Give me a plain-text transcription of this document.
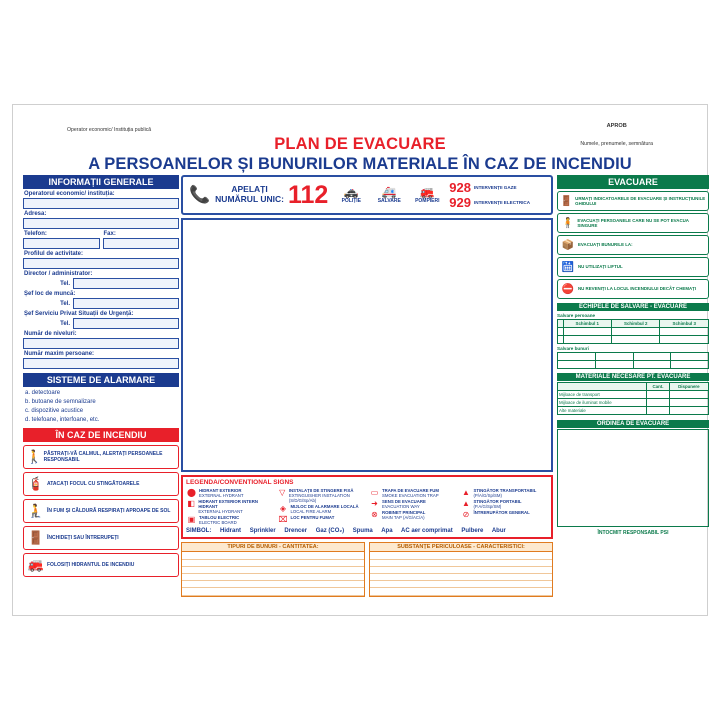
Operator economic/ Instituția publică
APROB
Numele, prenumele, semnătura
PLAN DE EVACUARE
A PERSOANELOR ȘI BUNURILOR MATERIALE ÎN CAZ DE INCENDIU
INFORMAȚII GENERALE
Operatorul economic/ instituția:
Adresa:
Telefon:	Fax:
Profilul de activitate:
Director / administrator:
Tel.
Șef loc de muncă:
Tel.
Șef Serviciu Privat Situații de Urgență:
Tel.
Număr de niveluri:
Număr maxim persoane:
SISTEME DE ALARMARE
a. detectoare
b. butoane de semnalizare
c. dispozitive acustice
d. telefoane, interfoane, etc.
ÎN CAZ DE INCENDIU
🚶 PĂSTRAȚI-VĂ CALMUL, ALERTAȚI PERSOANELE RESPONSABIL
🧯 ATACAȚI FOCUL CU STINGĂTOARELE
🧎 ÎN FUM ȘI CĂLDURĂ RESPIRAȚI APROAPE DE SOL
🚪 ÎNCHIDEȚI SAU ÎNTRERUPEȚI
🚒 FOLOSIȚI HIDRANTUL DE INCENDIU
📞	APELAȚI
NUMĂRUL UNIC: 112	🚓
POLIȚIE
🚑
SALVARE
🚒
POMPIERI
928 INTERVENȚII GAZE
929 INTERVENȚII ELECTRICA
LEGENDA/CONVENTIONAL SIGNS
⬤ HIDRANT EXTERIOR
EXTERNAL HYDRANT
◧ HIDRANT EXTERIOR INTERN HIDRANT
EXTERNAL HYDRANT
▣ TABLOU ELECTRIC
ELECTRIC BOARD
▽ INSTALAȚII DE STINGERE FIXĂ
EXTINGUISHER INSTALATION (S/D/G/Sp/Ab)
◈	MIJLOC DE ALARMARE LOCALĂ
LOCAL FIRE ALARM
⌧ LOC PENTRU FUMAT
▭ TRAPA DE EVACUARE FUM
SMOKE EVACUATION TRAP
➜ SENS DE EVACUARE
EVACUATION WAY
⊗ ROBINET PRINCIPAL
MAIN TAP (A/G/AC/A)
▲ STINGĂTOR TRANSPORTABIL
(P/A/G/Sp/SM)
▲ STINGĂTOR PORTABIL
(P.A/G/Sp/SM)
⊘ ÎNTRERUPĂTOR GENERAL
SIMBOL: Hidrant Sprinkler Drencer Gaz (CO₂) Spuma Apa AC aer comprimat Pulbere Abur
TIPURI DE BUNURI - CANTITATEA:	SUBSTANȚE PERICULOASE - CARACTERISTICI:
EVACUARE
🚪 URMAȚI INDICATOARELE DE EVACUARE ȘI INSTRUCȚIUNILE GHIDULUI
🧍 EVACUAȚI PERSOANELE CARE NU SE POT EVACUA SINGURE
📦 EVACUAȚI BUNURILE LA:
🛗 NU UTILIZAȚI LIFTUL
⛔ NU REVENIȚI LA LOCUL INCENDIULUI DECÂT CHEMAȚI
ECHIPELE DE SALVARE - EVACUARE
Salvare persoane
	Schimbul 1	Schimbul 2	Schimbul 3

Salvare bunuri

MATERIALE NECESARE PT. EVACUARE
	Cant.	Dispunere
Mijloace de transport		
Mijloace de iluminat mobile		
Alte materiale		
ORDINEA DE EVACUARE
ÎNTOCMIT RESPONSABIL PSI
